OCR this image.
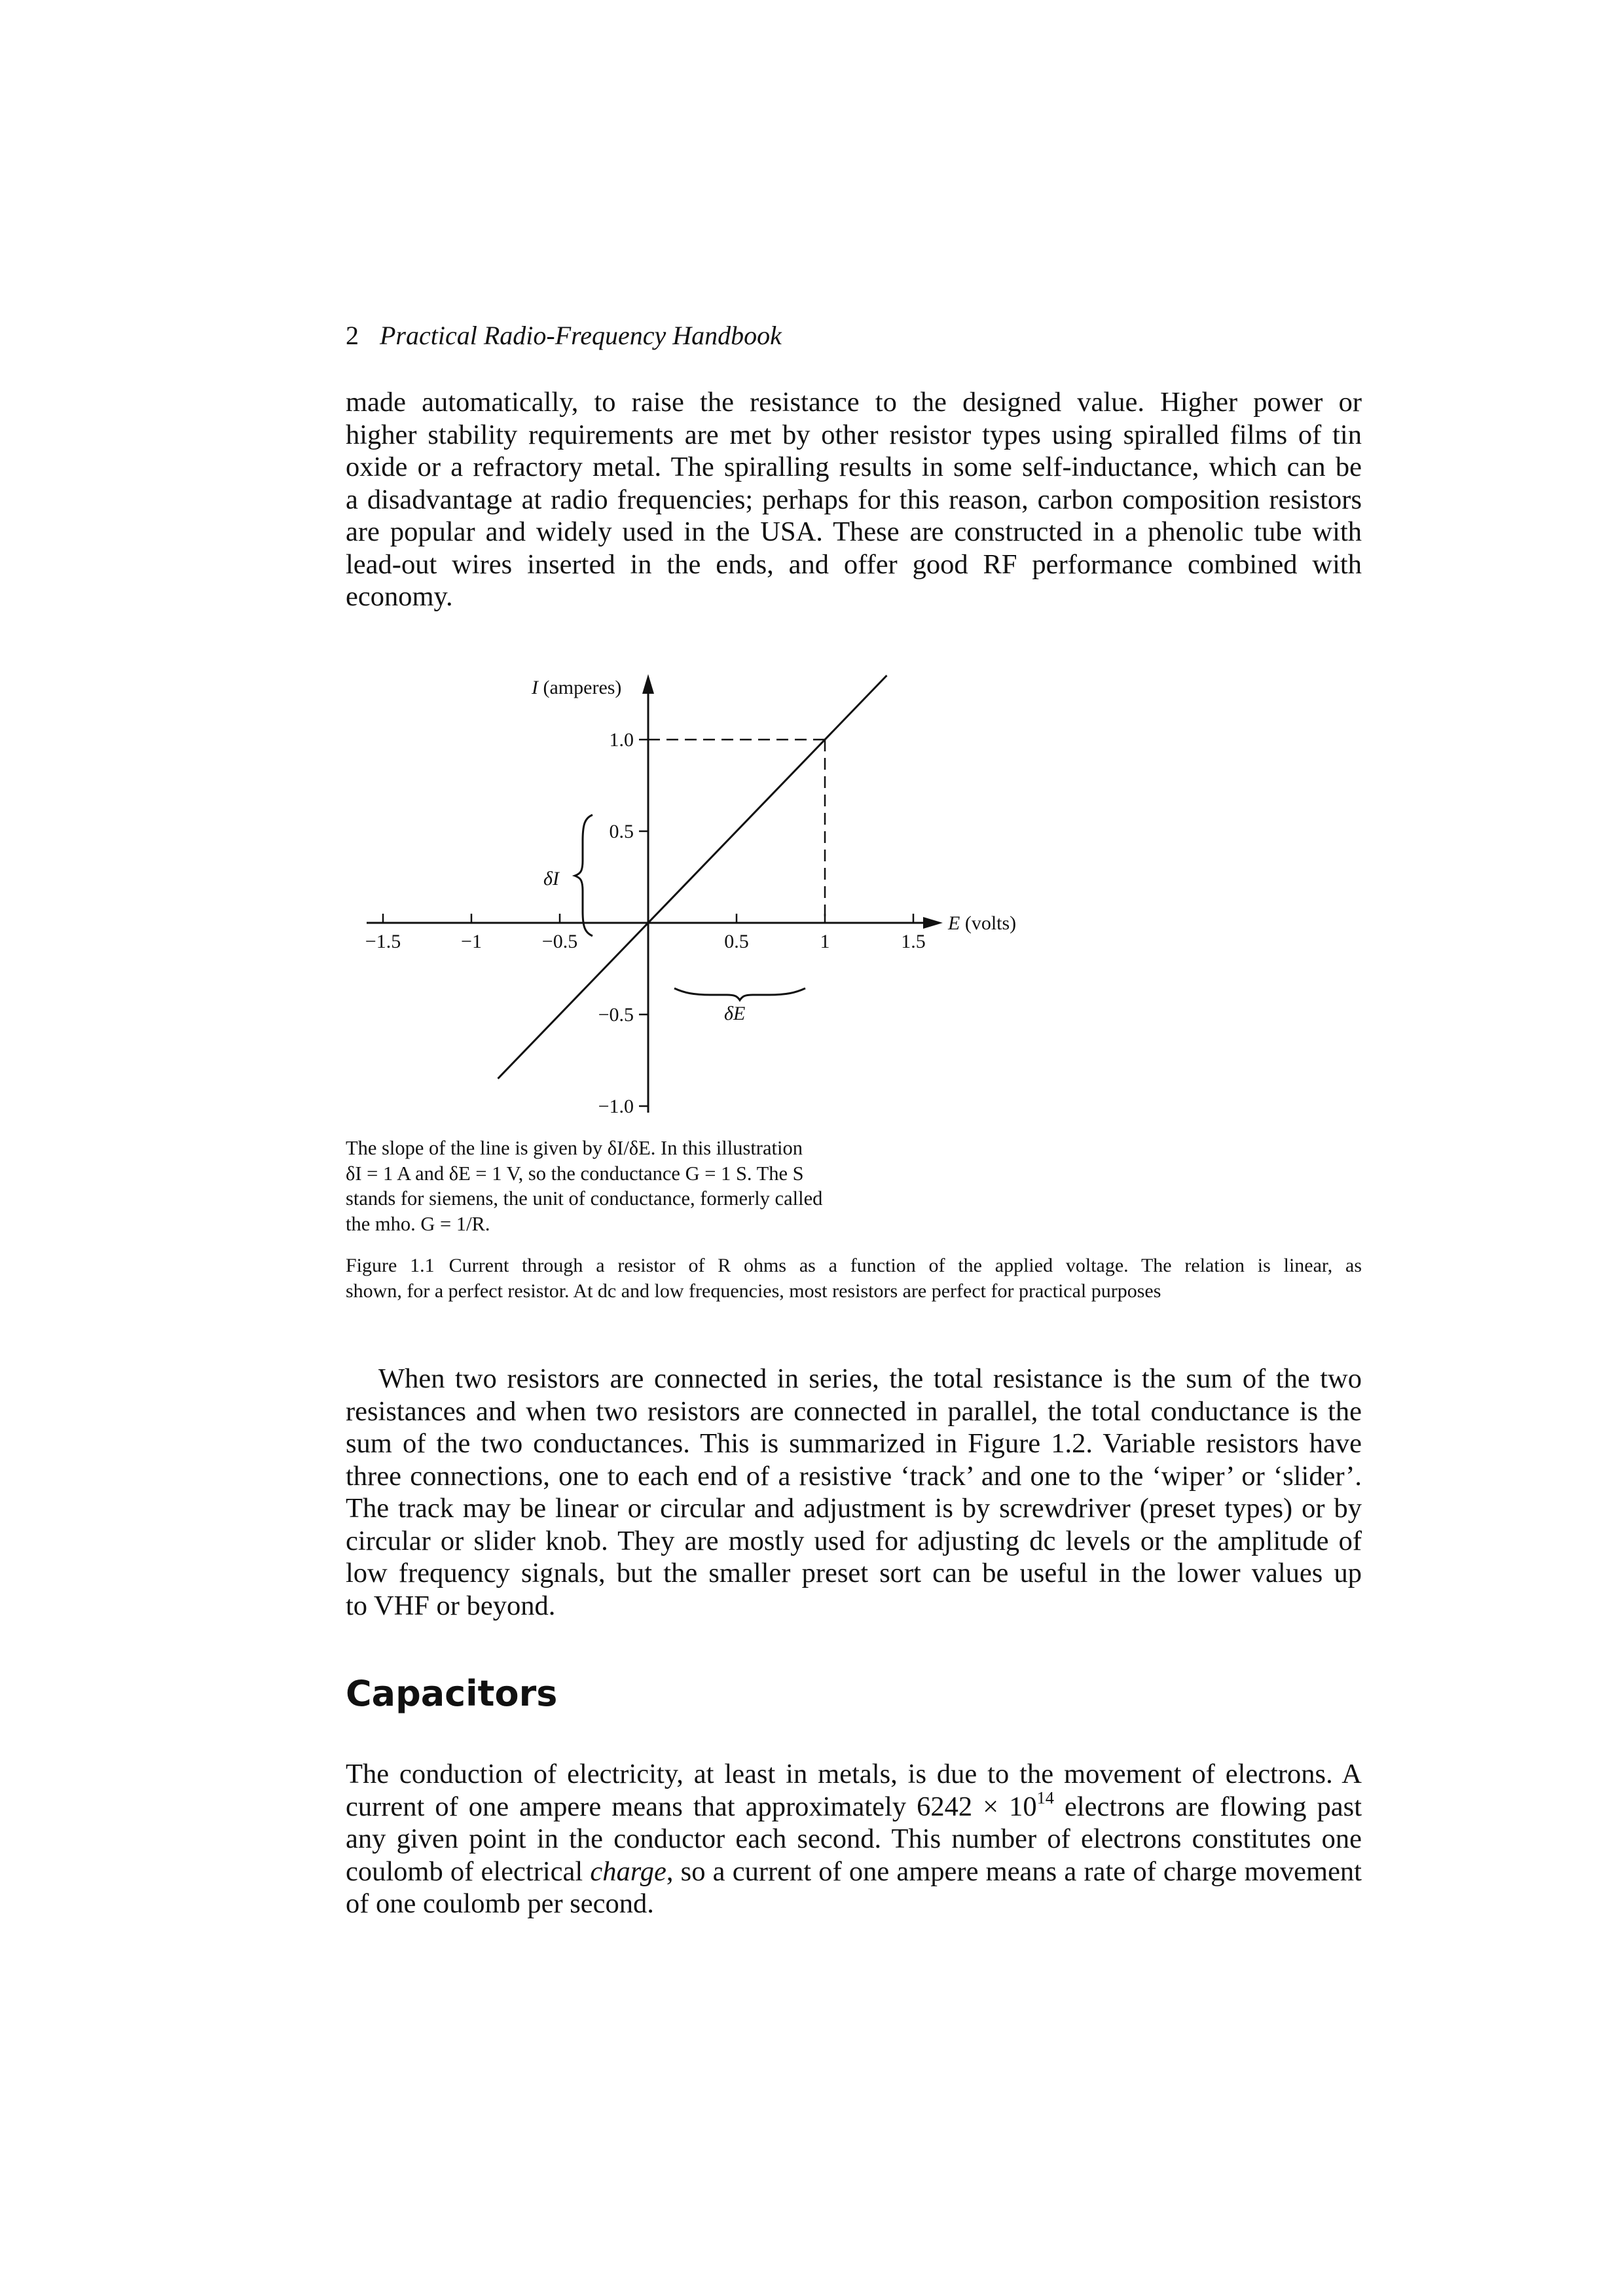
2 Practical Radio-Frequency Handbook
made automatically, to raise the resistance to the designed value. Higher power or
higher stability requirements are met by other resistor types using spiralled films of tin
oxide or a refractory metal. The spiralling results in some self-inductance, which can be
a disadvantage at radio frequencies; perhaps for this reason, carbon composition resistors
are popular and widely used in the USA. These are constructed in a phenolic tube with
lead-out wires inserted in the ends, and offer good RF performance combined with
economy.
I (amperes)
E (volts)
−1.5	−1	−0.5	0.5	1	1.5
1.0
0.5
−0.5
−1.0
δI
δE
The slope of the line is given by δI/δE. In this illustration
δI = 1 A and δE = 1 V, so the conductance G = 1 S. The S
stands for siemens, the unit of conductance, formerly called
the mho. G = 1/R.
Figure 1.1 Current through a resistor of R ohms as a function of the applied voltage. The relation is linear, as
shown, for a perfect resistor. At dc and low frequencies, most resistors are perfect for practical purposes
When two resistors are connected in series, the total resistance is the sum of the two
resistances and when two resistors are connected in parallel, the total conductance is the
sum of the two conductances. This is summarized in Figure 1.2. Variable resistors have
three connections, one to each end of a resistive ‘track’ and one to the ‘wiper’ or ‘slider’.
The track may be linear or circular and adjustment is by screwdriver (preset types) or by
circular or slider knob. They are mostly used for adjusting dc levels or the amplitude of
low frequency signals, but the smaller preset sort can be useful in the lower values up
to VHF or beyond.
Capacitors
The conduction of electricity, at least in metals, is due to the movement of electrons. A
current of one ampere means that approximately $6242 \times 10^{14}$ electrons are flowing past
any given point in the conductor each second. This number of electrons constitutes one
coulomb of electrical charge, so a current of one ampere means a rate of charge movement
of one coulomb per second.
